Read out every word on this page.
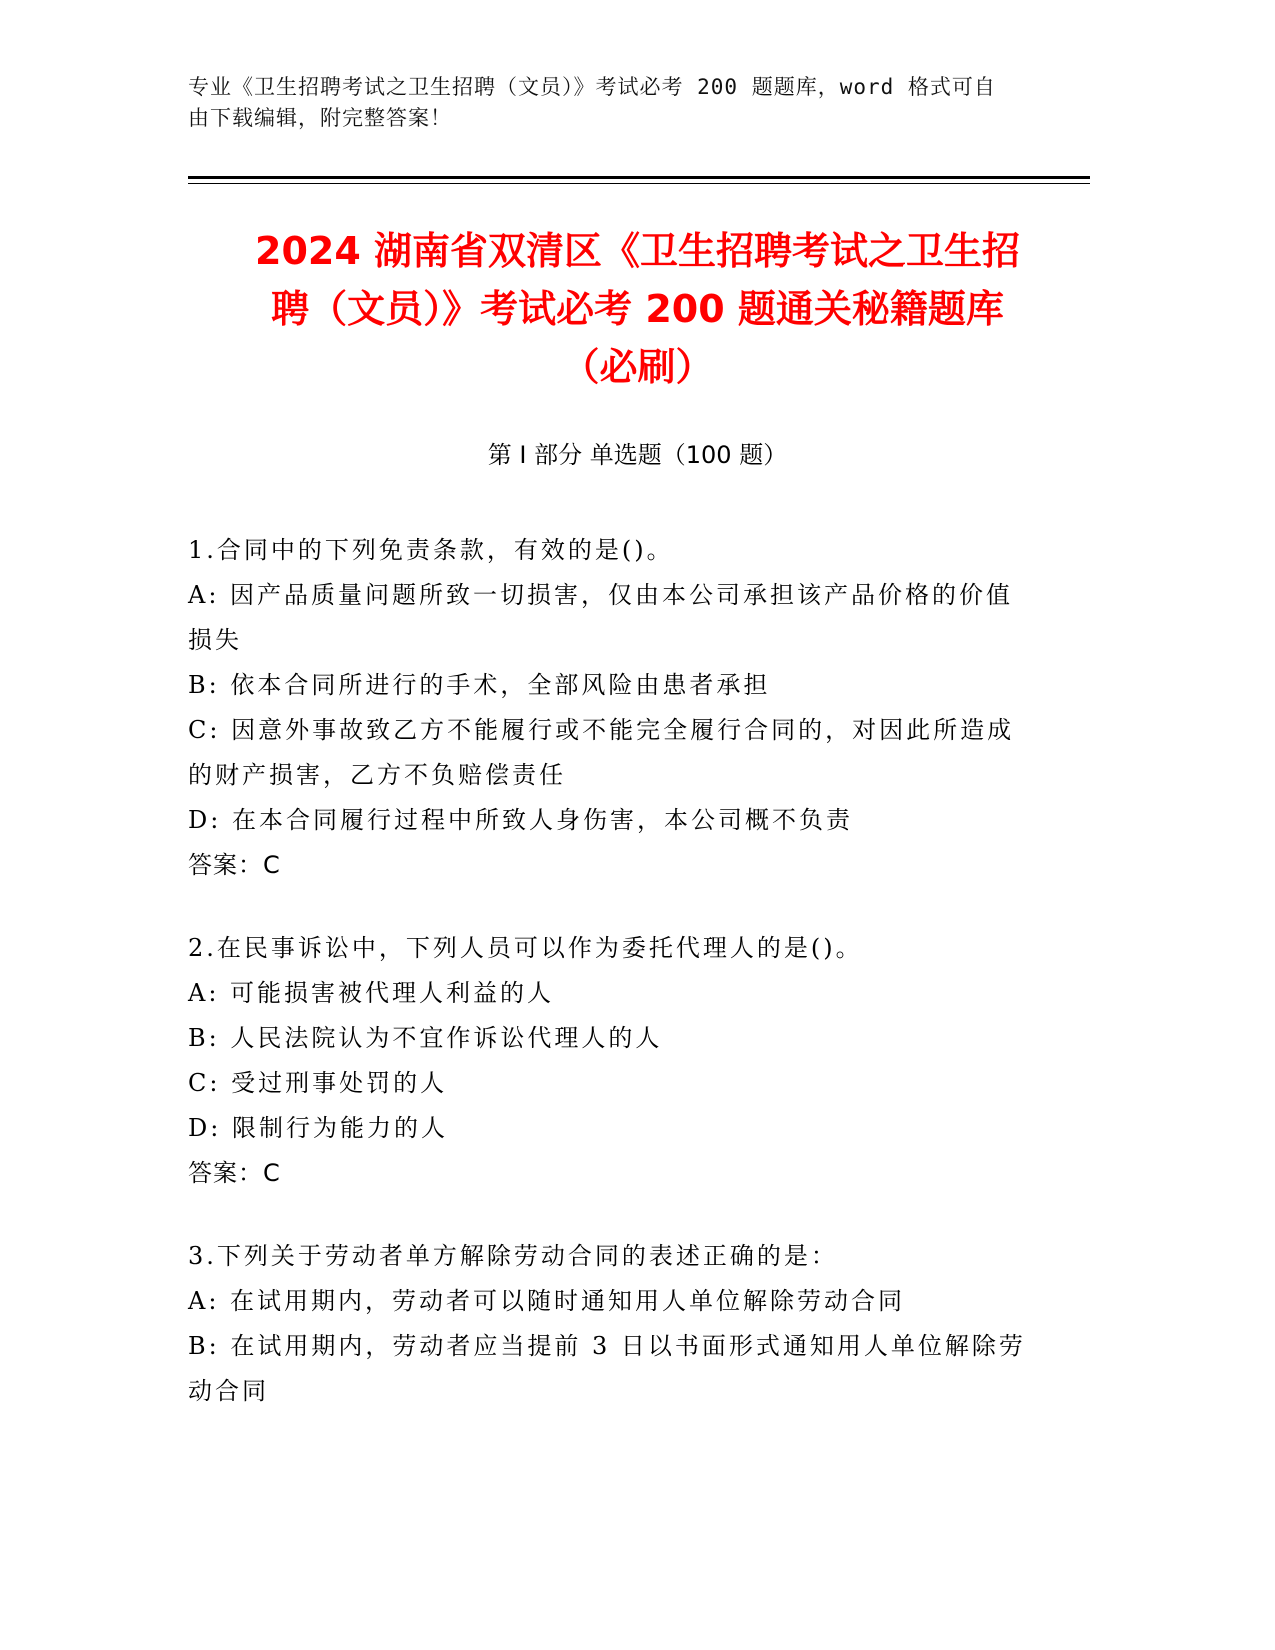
专业《卫生招聘考试之卫生招聘（文员）》考试必考 200 题题库，word 格式可自
由下载编辑，附完整答案！
2024 湖南省双清区《卫生招聘考试之卫生招
聘（文员）》考试必考 200 题通关秘籍题库
（必刷）
第 I 部分 单选题（100 题）
1.合同中的下列免责条款，有效的是()。
A: 因产品质量问题所致一切损害，仅由本公司承担该产品价格的价值
损失
B: 依本合同所进行的手术，全部风险由患者承担
C: 因意外事故致乙方不能履行或不能完全履行合同的，对因此所造成
的财产损害，乙方不负赔偿责任
D: 在本合同履行过程中所致人身伤害，本公司概不负责
答案：C
2.在民事诉讼中，下列人员可以作为委托代理人的是()。
A: 可能损害被代理人利益的人
B: 人民法院认为不宜作诉讼代理人的人
C: 受过刑事处罚的人
D: 限制行为能力的人
答案：C
3.下列关于劳动者单方解除劳动合同的表述正确的是：
A: 在试用期内，劳动者可以随时通知用人单位解除劳动合同
B: 在试用期内，劳动者应当提前 3 日以书面形式通知用人单位解除劳
动合同
